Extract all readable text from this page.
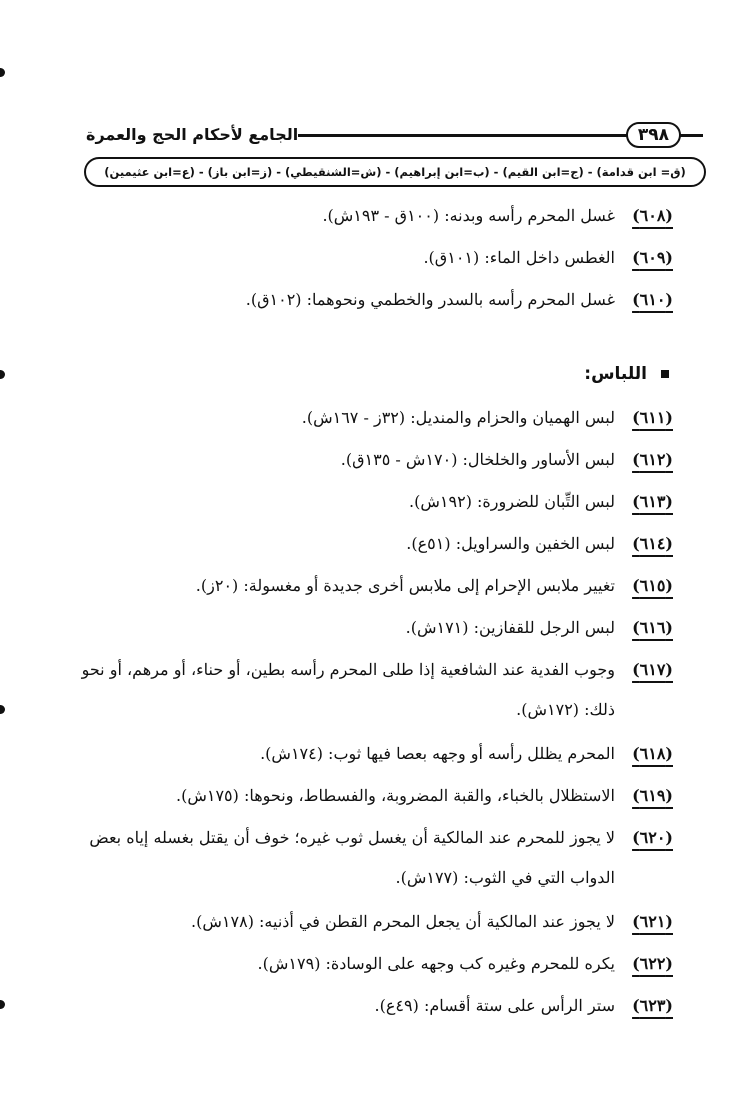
٣٩٨
الجامع لأحكام الحج والعمرة
(ق= ابن قدامة) - (ج=ابن القيم) - (ب=ابن إبراهيم) - (ش=الشنقيطي) - (ز=ابن باز) - (ع=ابن عثيمين)
(٦٠٨)
غسل المحرم رأسه وبدنه: (١٠٠ق - ١٩٣ش).
(٦٠٩)
الغطس داخل الماء: (١٠١ق).
(٦١٠)
غسل المحرم رأسه بالسدر والخطمي ونحوهما: (١٠٢ق).
اللباس:
(٦١١)
لبس الهميان والحزام والمنديل: (٣٢ز - ١٦٧ش).
(٦١٢)
لبس الأساور والخلخال: (١٧٠ش - ١٣٥ق).
(٦١٣)
لبس التِّبان للضرورة: (١٩٢ش).
(٦١٤)
لبس الخفين والسراويل: (٥١ع).
(٦١٥)
تغيير ملابس الإحرام إلى ملابس أخرى جديدة أو مغسولة: (٢٠ز).
(٦١٦)
لبس الرجل للقفازين: (١٧١ش).
(٦١٧)
وجوب الفدية عند الشافعية إذا طلى المحرم رأسه بطين، أو حناء، أو مرهم، أو نحو ذلك: (١٧٢ش).
(٦١٨)
المحرم يظلل رأسه أو وجهه بعصا فيها ثوب: (١٧٤ش).
(٦١٩)
الاستظلال بالخباء، والقبة المضروبة، والفسطاط، ونحوها: (١٧٥ش).
(٦٢٠)
لا يجوز للمحرم عند المالكية أن يغسل ثوب غيره؛ خوف أن يقتل بغسله إياه بعض الدواب التي في الثوب: (١٧٧ش).
(٦٢١)
لا يجوز عند المالكية أن يجعل المحرم القطن في أذنيه: (١٧٨ش).
(٦٢٢)
يكره للمحرم وغيره كب وجهه على الوسادة: (١٧٩ش).
(٦٢٣)
ستر الرأس على ستة أقسام: (٤٩ع).
